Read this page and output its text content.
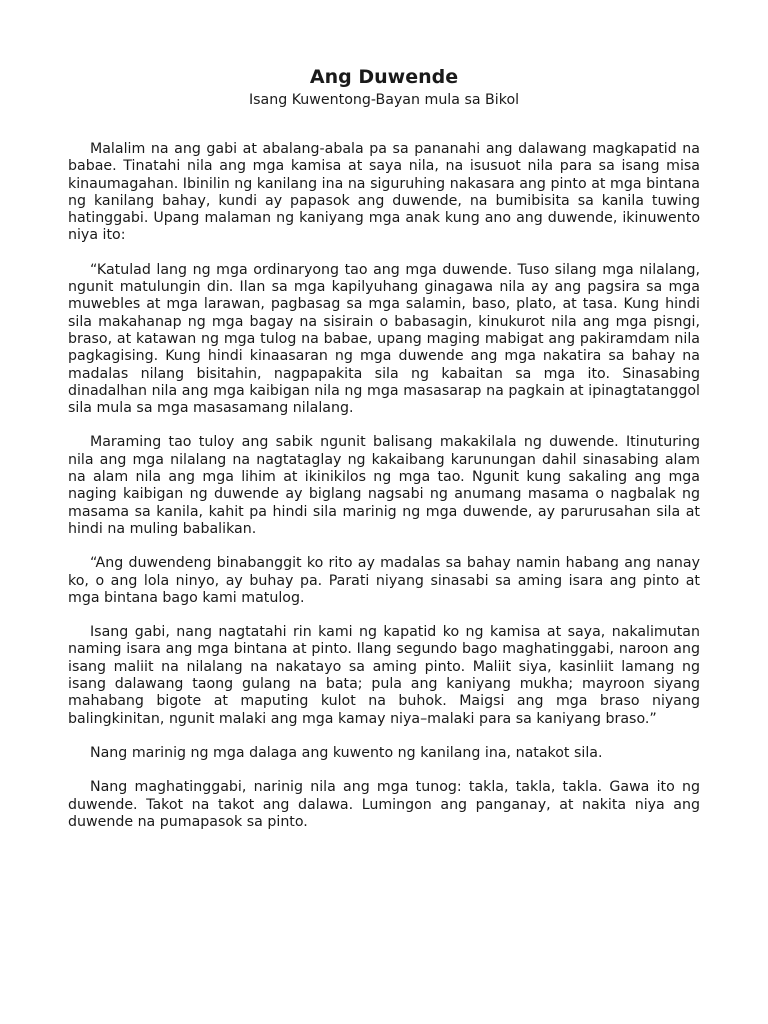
Ang Duwende

Isang Kuwentong-Bayan mula sa Bikol

Malalim na ang gabi at abalang-abala pa sa pananahi ang dalawang magkapatid na babae. Tinatahi nila ang mga kamisa at saya nila, na isusuot nila para sa isang misa kinaumagahan. Ibinilin ng kanilang ina na siguruhing nakasara ang pinto at mga bintana ng kanilang bahay, kundi ay papasok ang duwende, na bumibisita sa kanila tuwing hatinggabi. Upang malaman ng kaniyang mga anak kung ano ang duwende, ikinuwento niya ito:

“Katulad lang ng mga ordinaryong tao ang mga duwende. Tuso silang mga nilalang, ngunit matulungin din. Ilan sa mga kapilyuhang ginagawa nila ay ang pagsira sa mga muwebles at mga larawan, pagbasag sa mga salamin, baso, plato, at tasa. Kung hindi sila makahanap ng mga bagay na sisirain o babasagin, kinukurot nila ang mga pisngi, braso, at katawan ng mga tulog na babae, upang maging mabigat ang pakiramdam nila pagkagising. Kung hindi kinaasaran ng mga duwende ang mga nakatira sa bahay na madalas nilang bisitahin, nagpapakita sila ng kabaitan sa mga ito. Sinasabing dinadalhan nila ang mga kaibigan nila ng mga masasarap na pagkain at ipinagtatanggol sila mula sa mga masasamang nilalang.

Maraming tao tuloy ang sabik ngunit balisang makakilala ng duwende. Itinuturing nila ang mga nilalang na nagtataglay ng kakaibang karunungan dahil sinasabing alam na alam nila ang mga lihim at ikinikilos ng mga tao. Ngunit kung sakaling ang mga naging kaibigan ng duwende ay biglang nagsabi ng anumang masama o nagbalak ng masama sa kanila, kahit pa hindi sila marinig ng mga duwende, ay parurusahan sila at hindi na muling babalikan.

“Ang duwendeng binabanggit ko rito ay madalas sa bahay namin habang ang nanay ko, o ang lola ninyo, ay buhay pa. Parati niyang sinasabi sa aming isara ang pinto at mga bintana bago kami matulog.

Isang gabi, nang nagtatahi rin kami ng kapatid ko ng kamisa at saya, nakalimutan naming isara ang mga bintana at pinto. Ilang segundo bago maghatinggabi, naroon ang isang maliit na nilalang na nakatayo sa aming pinto. Maliit siya, kasinliit lamang ng isang dalawang taong gulang na bata; pula ang kaniyang mukha; mayroon siyang mahabang bigote at maputing kulot na buhok. Maigsi ang mga braso niyang balingkinitan, ngunit malaki ang mga kamay niya–malaki para sa kaniyang braso.”

Nang marinig ng mga dalaga ang kuwento ng kanilang ina, natakot sila.

Nang maghatinggabi, narinig nila ang mga tunog: takla, takla, takla. Gawa ito ng duwende. Takot na takot ang dalawa. Lumingon ang panganay, at nakita niya ang duwende na pumapasok sa pinto.
